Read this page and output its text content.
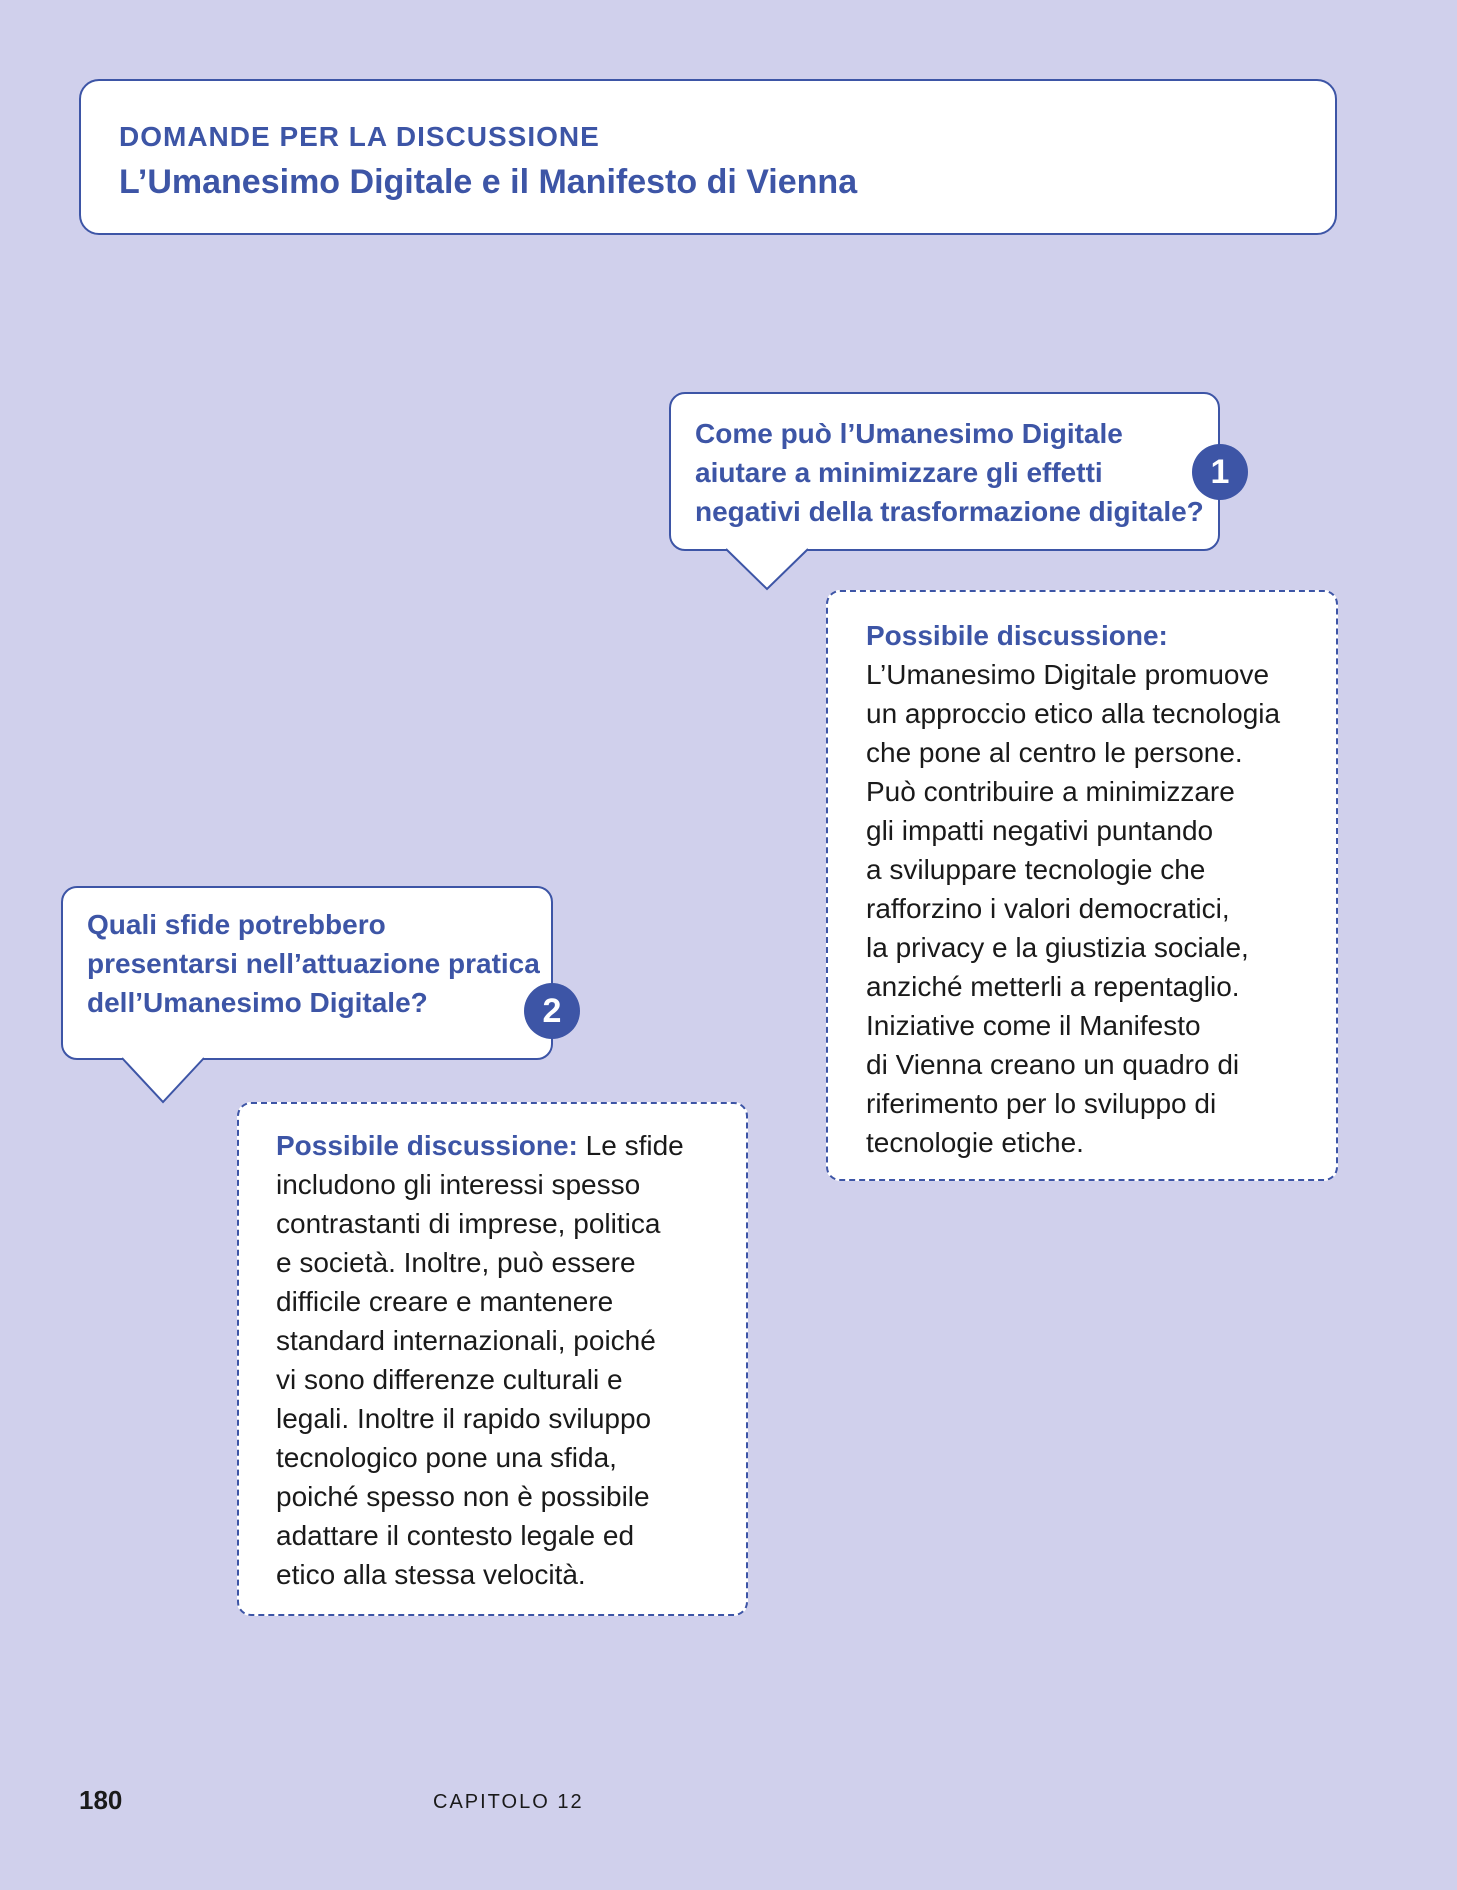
DOMANDE PER LA DISCUSSIONE
L’Umanesimo Digitale e il Manifesto di Vienna
Come può l’Umanesimo Digitale
aiutare a minimizzare gli effetti
negativi della trasformazione digitale?
1
Possibile discussione:
L’Umanesimo Digitale promuove
un approccio etico alla tecnologia
che pone al centro le persone.
Può contribuire a minimizzare
gli impatti negativi puntando
a sviluppare tecnologie che
rafforzino i valori democratici,
la privacy e la giustizia sociale,
anziché metterli a repentaglio.
Iniziative come il Manifesto
di Vienna creano un quadro di
riferimento per lo sviluppo di
tecnologie etiche.
Quali sfide potrebbero
presentarsi nell’attuazione pratica
dell’Umanesimo Digitale?	2
Possibile discussione: Le sfide
includono gli interessi spesso
contrastanti di imprese, politica
e società. Inoltre, può essere
difficile creare e mantenere
standard internazionali, poiché
vi sono differenze culturali e
legali. Inoltre il rapido sviluppo
tecnologico pone una sfida,
poiché spesso non è possibile
adattare il contesto legale ed
etico alla stessa velocità.
180	CAPITOLO 12
